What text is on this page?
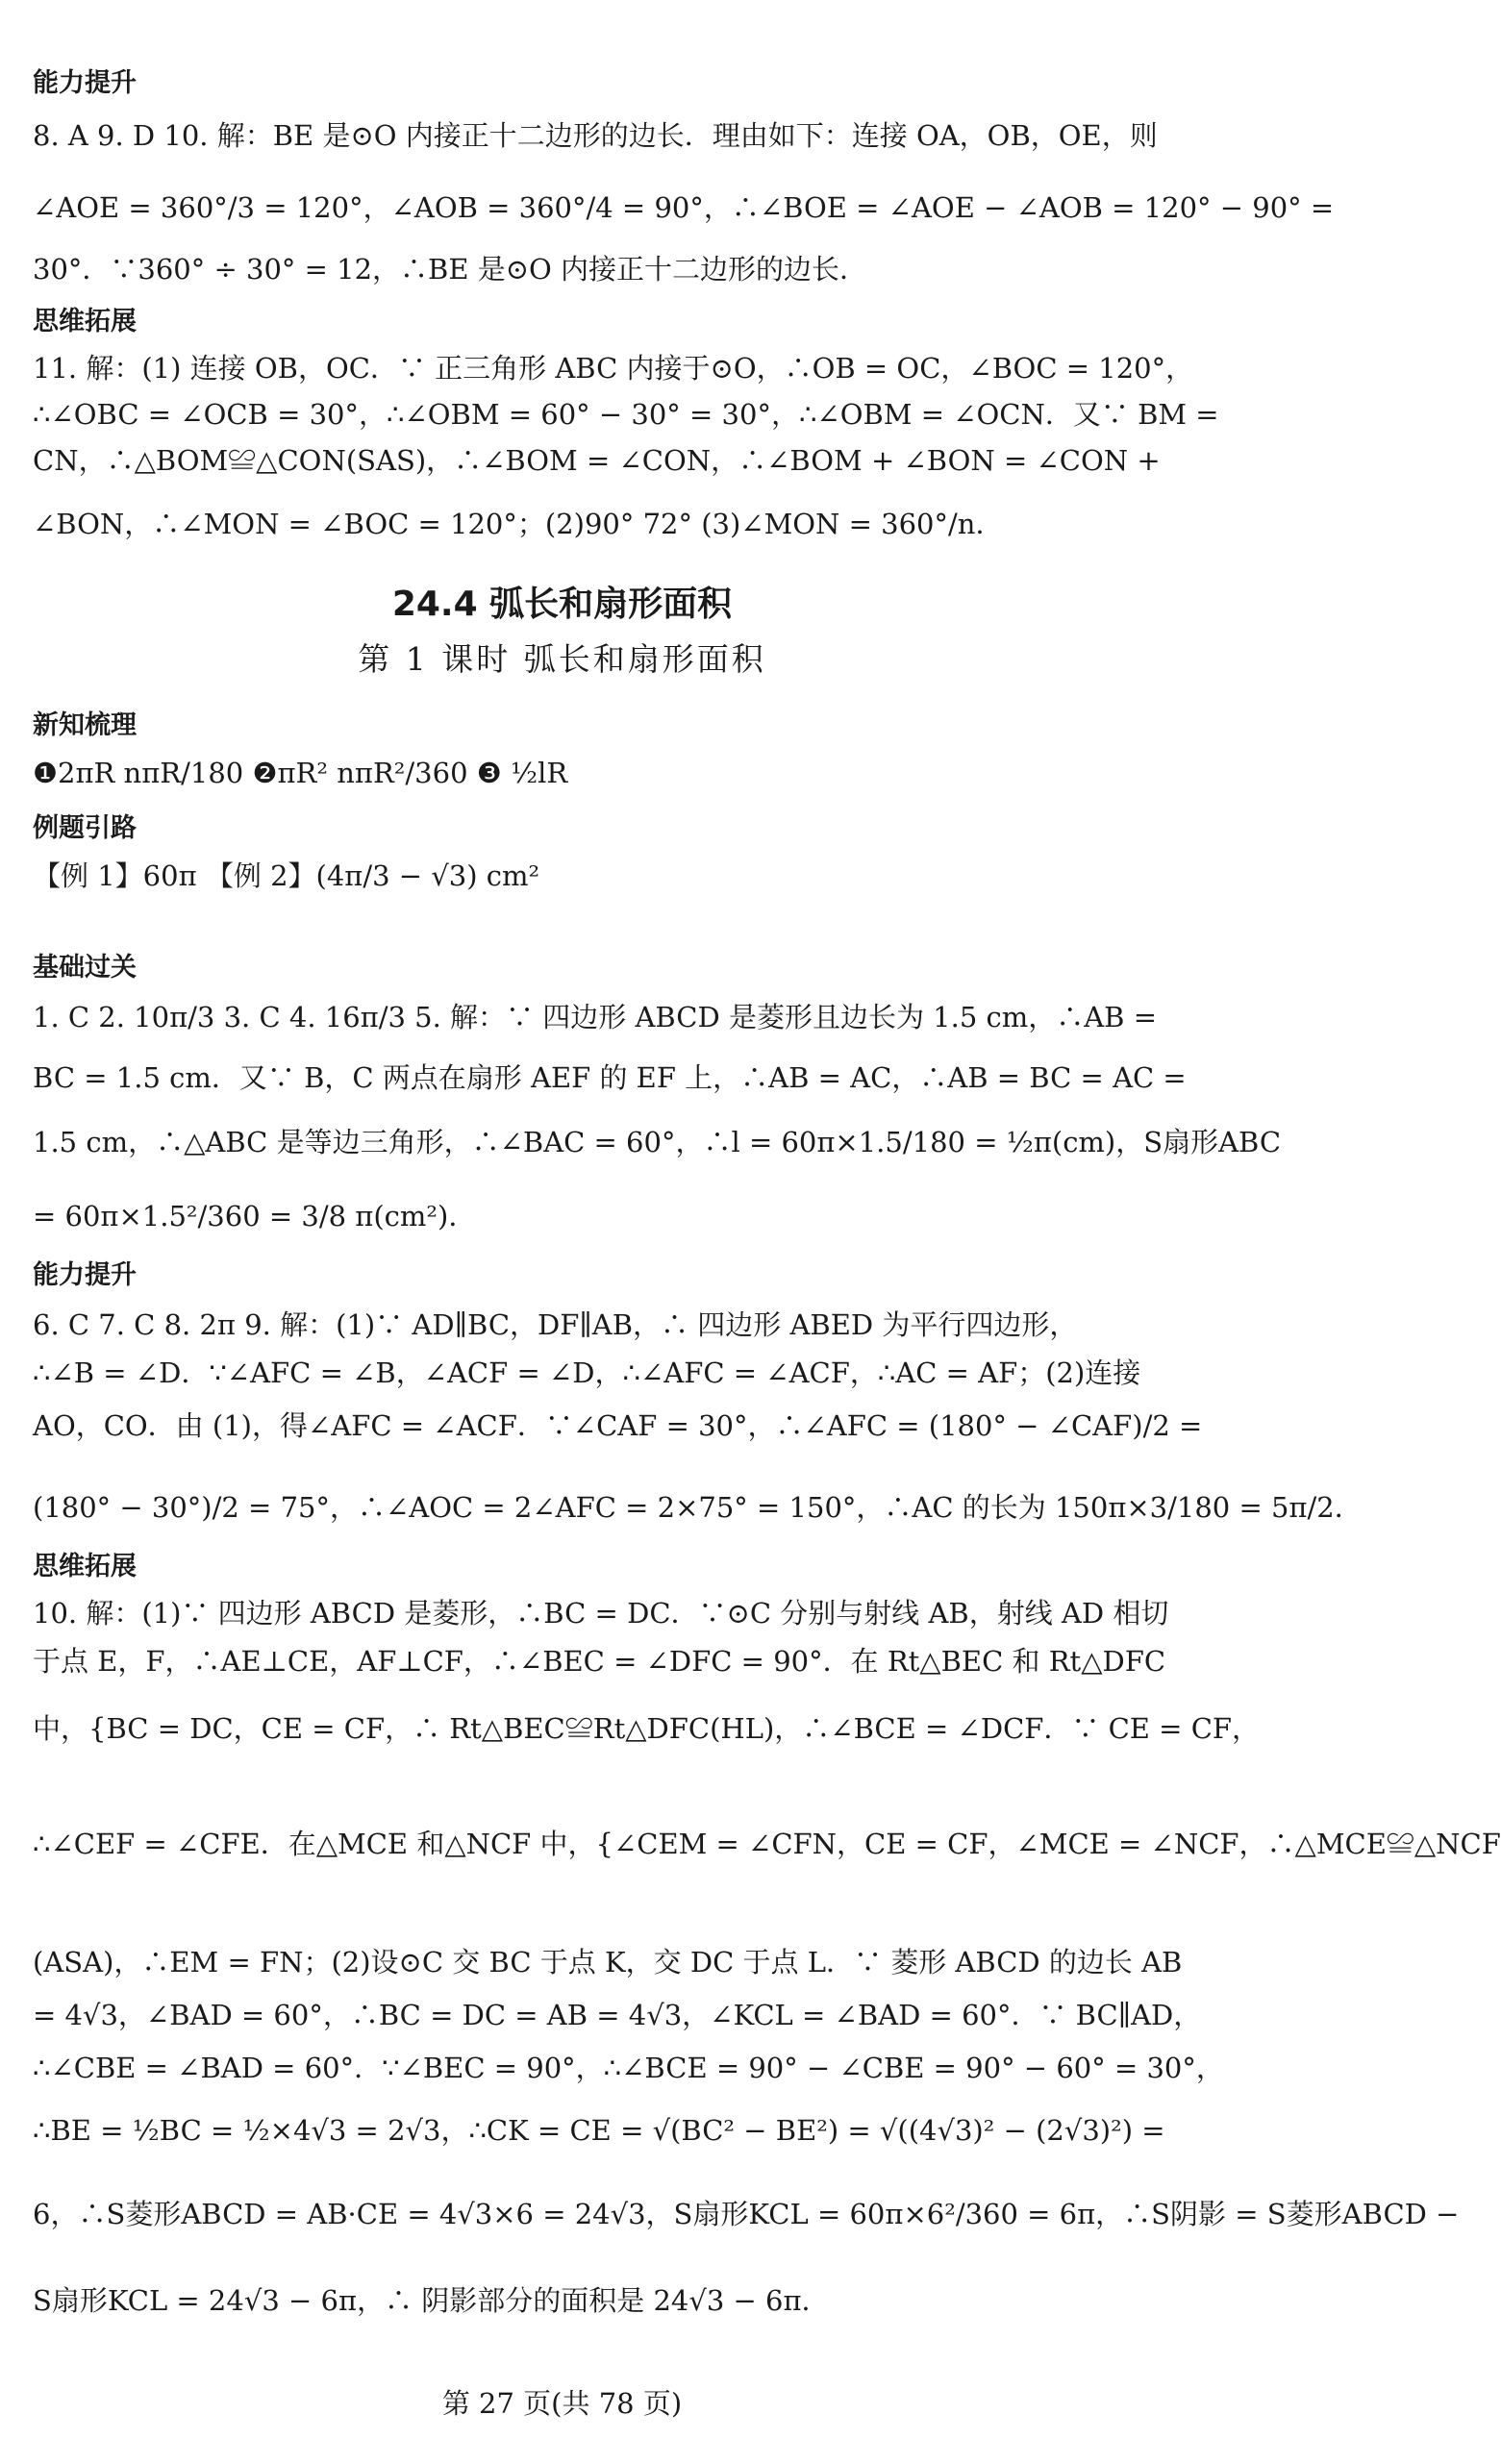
能力提升
8. A 9. D 10. 解：BE 是⊙O 内接正十二边形的边长．理由如下：连接 OA，OB，OE，则
∠AOE = 360°/3 = 120°，∠AOB = 360°/4 = 90°，∴∠BOE = ∠AOE − ∠AOB = 120° − 90° =
30°．∵360° ÷ 30° = 12，∴BE 是⊙O 内接正十二边形的边长．
思维拓展
11. 解：(1) 连接 OB，OC．∵ 正三角形 ABC 内接于⊙O，∴OB = OC，∠BOC = 120°，
∴∠OBC = ∠OCB = 30°，∴∠OBM = 60° − 30° = 30°，∴∠OBM = ∠OCN．又∵ BM =
CN，∴△BOM≌△CON(SAS)，∴∠BOM = ∠CON，∴∠BOM + ∠BON = ∠CON +
∠BON，∴∠MON = ∠BOC = 120°；(2)90° 72° (3)∠MON = 360°/n．
❶2πR nπR/180 ❷πR² nπR²/360 ❸ ½lR
【例 1】60π 【例 2】(4π/3 − √3) cm²
1. C 2. 10π/3 3. C 4. 16π/3 5. 解：∵ 四边形 ABCD 是菱形且边长为 1.5 cm，∴AB =
BC = 1.5 cm．又∵ B，C 两点在扇形 AEF 的 EF 上，∴AB = AC，∴AB = BC = AC =
1.5 cm，∴△ABC 是等边三角形，∴∠BAC = 60°，∴l = 60π×1.5/180 = ½π(cm)，S扇形ABC
= 60π×1.5²/360 = 3/8 π(cm²)．
能力提升
6. C 7. C 8. 2π 9. 解：(1)∵ AD∥BC，DF∥AB，∴ 四边形 ABED 为平行四边形，
∴∠B = ∠D．∵∠AFC = ∠B，∠ACF = ∠D，∴∠AFC = ∠ACF，∴AC = AF；(2)连接
AO，CO．由 (1)，得∠AFC = ∠ACF．∵∠CAF = 30°，∴∠AFC = (180° − ∠CAF)/2 =
(180° − 30°)/2 = 75°，∴∠AOC = 2∠AFC = 2×75° = 150°，∴AC 的长为 150π×3/180 = 5π/2．
思维拓展
10. 解：(1)∵ 四边形 ABCD 是菱形，∴BC = DC．∵⊙C 分别与射线 AB，射线 AD 相切
于点 E，F，∴AE⊥CE，AF⊥CF，∴∠BEC = ∠DFC = 90°．在 Rt△BEC 和 Rt△DFC
中，{BC = DC，CE = CF，∴ Rt△BEC≌Rt△DFC(HL)，∴∠BCE = ∠DCF．∵ CE = CF，
∴∠CEF = ∠CFE．在△MCE 和△NCF 中，{∠CEM = ∠CFN，CE = CF，∠MCE = ∠NCF，∴△MCE≌△NCF
(ASA)，∴EM = FN；(2)设⊙C 交 BC 于点 K，交 DC 于点 L．∵ 菱形 ABCD 的边长 AB
= 4√3，∠BAD = 60°，∴BC = DC = AB = 4√3，∠KCL = ∠BAD = 60°．∵ BC∥AD，
∴∠CBE = ∠BAD = 60°．∵∠BEC = 90°，∴∠BCE = 90° − ∠CBE = 90° − 60° = 30°，
∴BE = ½BC = ½×4√3 = 2√3，∴CK = CE = √(BC² − BE²) = √((4√3)² − (2√3)²) =
6，∴S菱形ABCD = AB·CE = 4√3×6 = 24√3，S扇形KCL = 60π×6²/360 = 6π，∴S阴影 = S菱形ABCD −
S扇形KCL = 24√3 − 6π，∴ 阴影部分的面积是 24√3 − 6π．
新知梳理
例题引路
基础过关
24.4 弧长和扇形面积
第 1 课时 弧长和扇形面积
第 27 页(共 78 页)
